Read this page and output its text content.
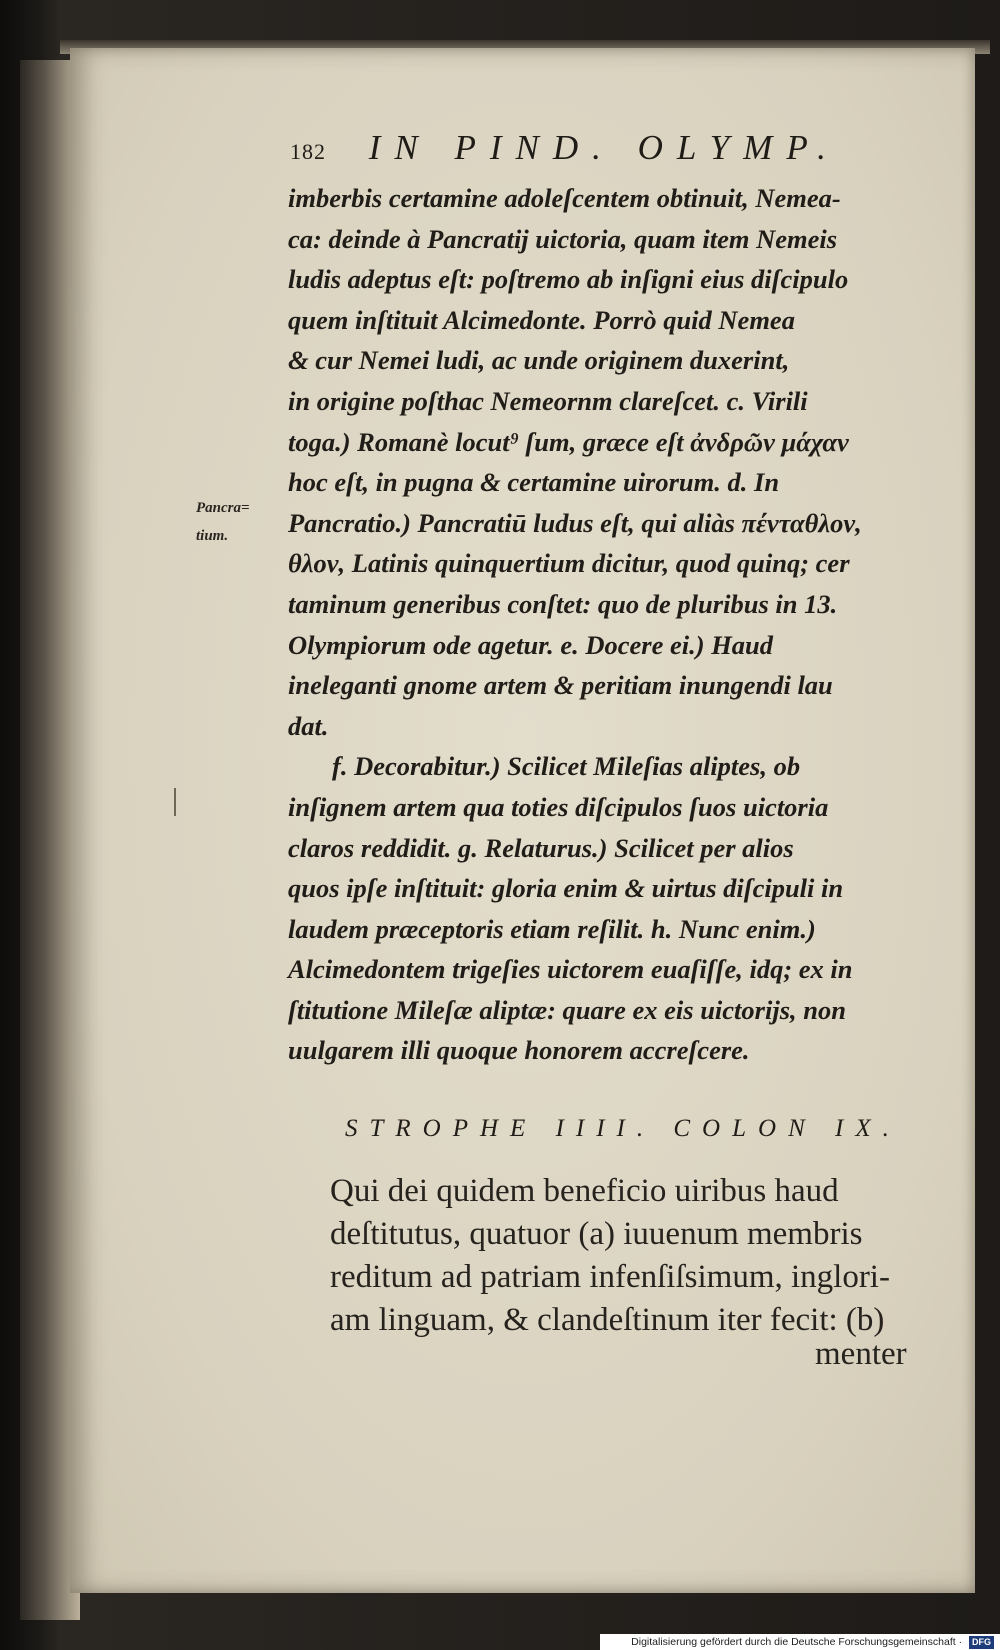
182 IN PIND. OLYMP.
Pancra=
tium.
imberbis certamine adoleſcentem obtinuit, Nemea-
ca: deinde à Pancratij uictoria, quam item Nemeis
ludis adeptus eſt: poſtremo ab inſigni eius diſcipulo
quem inſtituit Alcimedonte. Porrò quid Nemea
& cur Nemei ludi, ac unde originem duxerint,
in origine poſthac Nemeornm clareſcet. c. Virili
toga.) Romanè locut⁹ ſum, græce eſt ἀνδρῶν μάχαν
hoc eſt, in pugna & certamine uirorum. d. In
Pancratio.) Pancratiū ludus eſt, qui aliàs πένταθλον,
θλον, Latinis quinquertium dicitur, quod quinq; cer
taminum generibus conſtet: quo de pluribus in 13.
Olympiorum ode agetur. e. Docere ei.) Haud
ineleganti gnome artem & peritiam inungendi lau
dat.
f. Decorabitur.) Scilicet Mileſias aliptes, ob
inſignem artem qua toties diſcipulos ſuos uictoria
claros reddidit. g. Relaturus.) Scilicet per alios
quos ipſe inſtituit: gloria enim & uirtus diſcipuli in
laudem præceptoris etiam reſilit. h. Nunc enim.)
Alcimedontem trigeſies uictorem euaſiſſe, idq; ex in
ſtitutione Mileſæ aliptæ: quare ex eis uictorijs, non
uulgarem illi quoque honorem accreſcere.
STROPHE IIII. COLON IX.
Qui dei quidem beneficio uiribus haud
deſtitutus, quatuor (a) iuuenum membris
reditum ad patriam infenſiſsimum, inglori-
am linguam, & clandeſtinum iter fecit: (b)
menter
Digitalisierung gefördert durch die Deutsche Forschungsgemeinschaft · DFG
